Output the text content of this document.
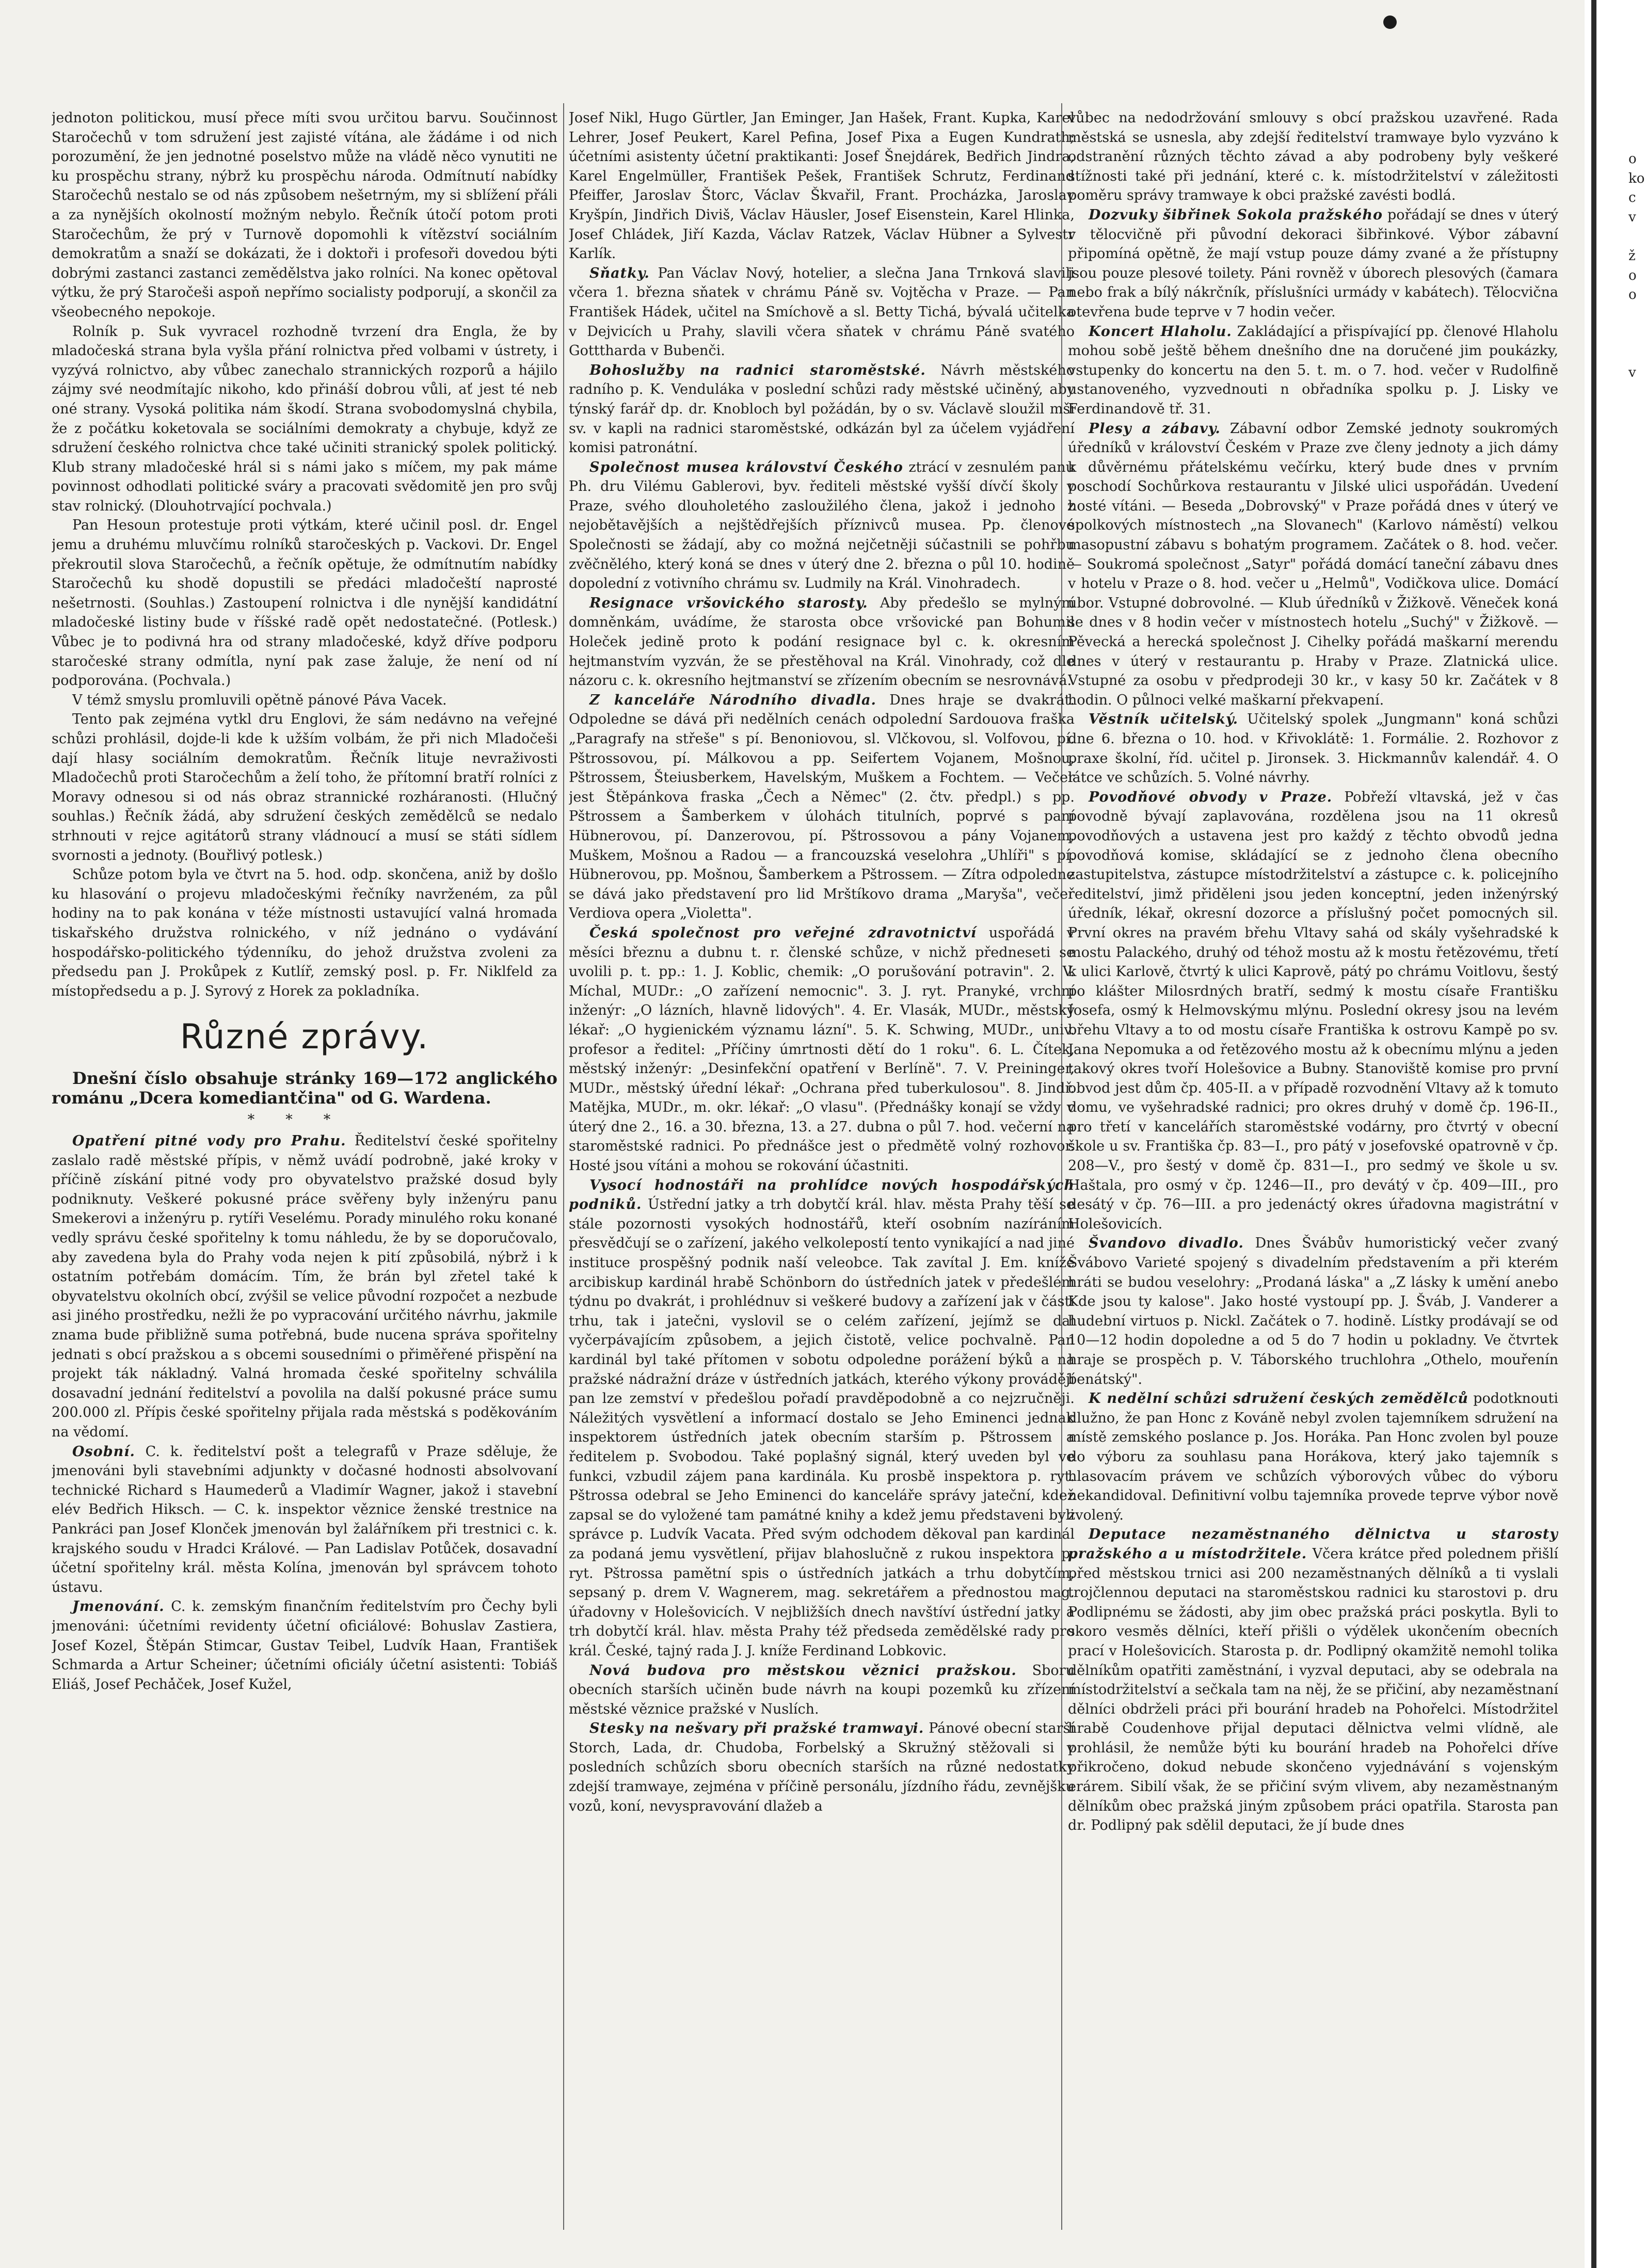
jednoton politickou, musí přece míti svou určitou barvu. Součinnost Staročechů v tom sdružení jest zajisté vítána, ale žádáme i od nich porozumění, že jen jednotné poselstvo může na vládě něco vynutiti ne ku prospěchu strany, nýbrž ku prospěchu národa. Odmítnutí nabídky Staročechů nestalo se od nás způsobem nešetrným, my si sblížení přáli a za nynějších okolností možným nebylo. Řečník útočí potom proti Staročechům, že prý v Turnově dopomohli k vítězství sociálním demokratům a snaží se dokázati, že i doktoři i profesoři dovedou býti dobrými zastanci zastanci zemědělstva jako rolníci. Na konec opětoval výtku, že prý Staročeši aspoň nepřímo socialisty podporují, a skončil za všeobecného nepokoje.

Rolník p. Suk vyvracel rozhodně tvrzení dra Engla, že by mladočeská strana byla vyšla přání rolnictva před volbami v ústrety, i vyzývá rolnictvo, aby vůbec zanechalo strannických rozporů a hájilo zájmy své neodmítajíc nikoho, kdo přináší dobrou vůli, ať jest té neb oné strany. Vysoká politika nám škodí. Strana svobodomyslná chybila, že z počátku koketovala se sociálními demokraty a chybuje, když ze sdružení českého rolnictva chce také učiniti stranický spolek politický. Klub strany mladočeské hrál si s námi jako s míčem, my pak máme povinnost odhodlati politické sváry a pracovati svědomitě jen pro svůj stav rolnický. (Dlouhotrvající pochvala.)

Pan Hesoun protestuje proti výtkám, které učinil posl. dr. Engel jemu a druhému mluvčímu rolníků staročeských p. Vackovi. Dr. Engel překroutil slova Staročechů, a řečník opětuje, že odmítnutím nabídky Staročechů ku shodě dopustili se předáci mladočeští naprosté nešetrnosti. (Souhlas.) Zastoupení rolnictva i dle nynější kandidátní mladočeské listiny bude v říšské radě opět nedostatečné. (Potlesk.) Vůbec je to podivná hra od strany mladočeské, když dříve podporu staročeské strany odmítla, nyní pak zase žaluje, že není od ní podporována. (Pochvala.)

V témž smyslu promluvili opětně pánové Páva Vacek.

Tento pak zejména vytkl dru Englovi, že sám nedávno na veřejné schůzi prohlásil, dojde-li kde k užším volbám, že při nich Mladočeši dají hlasy sociálním demokratům. Řečník lituje nevraživosti Mladočechů proti Staročechům a želí toho, že přítomní bratří rolníci z Moravy odnesou si od nás obraz strannické rozháranosti. (Hlučný souhlas.) Řečník žádá, aby sdružení českých zemědělců se nedalo strhnouti v rejce agitátorů strany vládnoucí a musí se státi sídlem svornosti a jednoty. (Bouřlivý potlesk.)

Schůze potom byla ve čtvrt na 5. hod. odp. skončena, aniž by došlo ku hlasování o projevu mladočeskými řečníky navrženém, za půl hodiny na to pak konána v téže místnosti ustavující valná hromada tiskařského družstva rolnického, v níž jednáno o vydávání hospodářsko-politického týdenníku, do jehož družstva zvoleni za předsedu pan J. Prokůpek z Kutlíř, zemský posl. p. Fr. Niklfeld za místopředsedu a p. J. Syrový z Horek za pokladníka.

Různé zprávy.

Dnešní číslo obsahuje stránky 169—172 anglického románu „Dcera komediantčina" od G. Wardena.

***

Opatření pitné vody pro Prahu. Ředitelství české spořitelny zaslalo radě městské přípis, v němž uvádí podrobně, jaké kroky v příčině získání pitné vody pro obyvatelstvo pražské dosud byly podniknuty. Veškeré pokusné práce svěřeny byly inženýru panu Smekerovi a inženýru p. rytíři Veselému. Porady minulého roku konané vedly správu české spořitelny k tomu náhledu, že by se doporučovalo, aby zavedena byla do Prahy voda nejen k pití způsobilá, nýbrž i k ostatním potřebám domácím. Tím, že brán byl zřetel také k obyvatelstvu okolních obcí, zvýšil se velice původní rozpočet a nezbude asi jiného prostředku, nežli že po vypracování určitého návrhu, jakmile znama bude přibližně suma potřebná, bude nucena správa spořitelny jednati s obcí pražskou a s obcemi sousedními o přiměřené přispění na projekt ták nákladný. Valná hromada české spořitelny schválila dosavadní jednání ředitelství a povolila na další pokusné práce sumu 200.000 zl. Přípis české spořitelny přijala rada městská s poděkováním na vědomí.

Osobní. C. k. ředitelství pošt a telegrafů v Praze sděluje, že jmenováni byli stavebními adjunkty v dočasné hodnosti absolvovaní technické Richard s Haumederů a Vladimír Wagner, jakož i stavební elév Bedřich Hiksch. — C. k. inspektor věznice ženské trestnice na Pankráci pan Josef Klonček jmenován byl žalářníkem při trestnici c. k. krajského soudu v Hradci Králové. — Pan Ladislav Potůček, dosavadní účetní spořitelny král. města Kolína, jmenován byl správcem tohoto ústavu.

Jmenování. C. k. zemským finančním ředitelstvím pro Čechy byli jmenováni: účetními revidenty účetní oficiálové: Bohuslav Zastiera, Josef Kozel, Štěpán Stimcar, Gustav Teibel, Ludvík Haan, František Schmarda a Artur Scheiner; účetními oficiály účetní asistenti: Tobiáš Eliáš, Josef Pechá̀ček, Josef Kužel,

Josef Nikl, Hugo Gürtler, Jan Eminger, Jan Hašek, Frant. Kupka, Karel Lehrer, Josef Peukert, Karel Pefina, Josef Pixa a Eugen Kundrath; účetními asistenty účetní praktikanti: Josef Šnejdárek, Bedřich Jindra, Karel Engelmüller, František Pešek, František Schrutz, Ferdinand Pfeiffer, Jaroslav Štorc, Václav Škvařil, Frant. Procházka, Jaroslav Kryšpín, Jindřich Diviš, Václav Häusler, Josef Eisenstein, Karel Hlinka, Josef Chládek, Jiří Kazda, Václav Ratzek, Václav Hübner a Sylvestr Karlík.

Sňatky. Pan Václav Nový, hotelier, a slečna Jana Trnková slavili včera 1. března sňatek v chrámu Páně sv. Vojtěcha v Praze. — Pan František Hádek, učitel na Smíchově a sl. Betty Tichá, bývalá učitelka v Dejvicích u Prahy, slavili včera sňatek v chrámu Páně svatého Gotttharda v Bubenči.

Bohoslužby na radnici staroměstské. Návrh městského radního p. K. Venduláka v poslední schůzi rady městské učiněný, aby týnský farář dp. dr. Knobloch byl požádán, by o sv. Václavě sloužil mši sv. v kapli na radnici staroměstské, odkázán byl za účelem vyjádření komisi patronátní.

Společnost musea království Českého ztrácí v zesnulém panu Ph. dru Vilému Gablerovi, byv. řediteli městské vyšší dívčí školy v Praze, svého dlouholetého zasloužilého člena, jakož i jednoho z nejobětavějších a nejštědřejších příznivců musea. Pp. členové Společnosti se žádají, aby co možná nejčetněji súčastnili se pohřbu zvěčnělého, který koná se dnes v úterý dne 2. března o půl 10. hodině dopolední z votivního chrámu sv. Ludmily na Král. Vinohradech.

Resignace vršovického starosty. Aby předešlo se mylným domněnkám, uvádíme, že starosta obce vršovické pan Bohumil Holeček jedině proto k podání resignace byl c. k. okresním hejtmanstvím vyzván, že se přestěhoval na Král. Vinohrady, což dle názoru c. k. okresního hejtmanství se zřízením obecním se nesrovnává.

Z kanceláře Národního divadla. Dnes hraje se dvakrát. Odpoledne se dává při nedělních cenách odpolední Sardouova fraška „Paragrafy na střeše" s pí. Benoniovou, sl. Vlčkovou, sl. Volfovou, pí. Pštrossovou, pí. Málkovou a pp. Seifertem Vojanem, Mošnou, Pštrossem, Šteiusberkem, Havelským, Muškem a Fochtem. — Večer jest Štěpánkova fraska „Čech a Němec" (2. čtv. předpl.) s pp. Pštrossem a Šamberkem v úlohách titulních, poprvé s paní Hübnerovou, pí. Danzerovou, pí. Pštrossovou a pány Vojanem, Muškem, Mošnou a Radou — a francouzská veselohra „Uhlíři" s pí. Hübnerovou, pp. Mošnou, Šamberkem a Pštrossem. — Zítra odpoledne se dává jako představení pro lid Mrštíkovo drama „Maryša", večer Verdiova opera „Violetta".

Česká společnost pro veřejné zdravotnictví uspořádá v měsíci březnu a dubnu t. r. členské schůze, v nichž předneseti se uvolili p. t. pp.: 1. J. Koblic, chemik: „O porušování potravin". 2. V. Míchal, MUDr.: „O zařízení nemocnic". 3. J. ryt. Pranyké, vrchní inženýr: „O lázních, hlavně lidových". 4. Er. Vlasák, MUDr., městský lékař: „O hygienickém významu lázní". 5. K. Schwing, MUDr., univ. profesor a ředitel: „Příčiny úmrtnosti dětí do 1 roku". 6. L. Čítek, městský inženýr: „Desinfekční opatření v Berlíně". 7. V. Preininger, MUDr., městský úřední lékař: „Ochrana před tuberkulosou". 8. Jindř. Matějka, MUDr., m. okr. lékař: „O vlasu". (Přednášky konají se vždy v úterý dne 2., 16. a 30. března, 13. a 27. dubna o půl 7. hod. večerní na staroměstské radnici. Po přednášce jest o předmětě volný rozhovor. Hosté jsou vítáni a mohou se rokování účastniti.

Vysocí hodnostáři na prohlídce nových hospodářských podniků. Ústřední jatky a trh dobytčí král. hlav. města Prahy těší se stále pozornosti vysokých hodnostářů, kteří osobním nazíráním přesvědčují se o zařízení, jakého velkolepostí tento vynikající a nad jiné instituce prospěšný podnik naší veleobce. Tak zavítal J. Em. kníže arcibiskup kardinál hrabě Schönborn do ústředních jatek v předešlém týdnu po dvakrát, i prohlédnuv si veškeré budovy a zařízení jak v části trhu, tak i jatečni, vyslovil se o celém zařízení, jejímž se dal vyčerpávajícím způsobem, a jejich čistotě, velice pochvalně. Pan kardinál byl také přítomen v sobotu odpoledne porážení býků a na pražské nádražní dráze v ústředních jatkách, kterého výkony provádějí pan lze zemství v předešlou pořadí pravděpodobně a co nejzručněji. Náležitých vysvětlení a informací dostalo se Jeho Eminenci jednak inspektorem ústředních jatek obecním starším p. Pštrossem a ředitelem p. Svobodou. Také poplašný signál, který uveden byl ve funkci, vzbudil zájem pana kardinála. Ku prosbě inspektora p. ryt. Pštrossa odebral se Jeho Eminenci do kanceláře správy jateční, kdež zapsal se do vyložené tam památné knihy a kdež jemu představeni byli správce p. Ludvík Vacata. Před svým odchodem děkoval pan kardinál za podaná jemu vysvětlení, přijav blahoslučně z rukou inspektora p. ryt. Pštrossa pamětní spis o ústředních jatkách a trhu dobytčím, sepsaný p. drem V. Wagnerem, mag. sekretářem a přednostou mag. úřadovny v Holešovicích. V nejbližších dnech navštíví ústřední jatky a trh dobytčí král. hlav. města Prahy též předseda zemědělské rady pro král. České, tajný rada J. J. kníže Ferdinand Lobkovic.

Nová budova pro městskou věznici pražskou. Sboru obecních starších učiněn bude návrh na koupi pozemků ku zřízení městské věznice pražské v Nuslích.

Stesky na nešvary při pražské tramwayi. Pánové obecní starší Storch, Lada, dr. Chudoba, Forbelský a Skružný stěžovali si v posledních schůzích sboru obecních starších na různé nedostatky zdejší tramwaye, zejména v příčině personálu, jízdního řádu, zevnějšku vozů, koní, nevyspravování dlažeb a

vůbec na nedodržování smlouvy s obcí pražskou uzavřené. Rada městská se usnesla, aby zdejší ředitelství tramwaye bylo vyzváno k odstranění různých těchto závad a aby podrobeny byly veškeré stížnosti také při jednání, které c. k. místodržitelství v záležitosti poměru správy tramwaye k obci pražské zavésti bodlá.

Dozvuky šibřinek Sokola pražského pořádají se dnes v úterý v tělocvičně při původní dekoraci šibřinkové. Výbor zábavní připomíná opětně, že mají vstup pouze dámy zvané a že přístupny jsou pouze plesové toilety. Páni rovněž v úborech plesových (čamara nebo frak a bílý nákrčník, příslušníci urmády v kabátech). Tělocvična otevřena bude teprve v 7 hodin večer.

Koncert Hlaholu. Zakládající a přispívající pp. členové Hlaholu mohou sobě ještě během dnešního dne na doručené jim poukázky, vstupenky do koncertu na den 5. t. m. o 7. hod. večer v Rudolfině ustanoveného, vyzvednouti n obřadníka spolku p. J. Lisky ve Ferdinandově tř. 31.

Plesy a zábavy. Zábavní odbor Zemské jednoty soukromých úředníků v království Českém v Praze zve členy jednoty a jich dámy k důvěrnému přátelskému večírku, který bude dnes v prvním poschodí Sochůrkova restaurantu v Jilské ulici uspořádán. Uvedení hosté vítáni. — Beseda „Dobrovský" v Praze pořádá dnes v úterý ve spolkových místnostech „na Slovanech" (Karlovo náměstí) velkou masopustní zábavu s bohatým programem. Začátek o 8. hod. večer. — Soukromá společnost „Satyr" pořádá domácí taneční zábavu dnes v hotelu v Praze o 8. hod. večer u „Helmů", Vodičkova ulice. Domácí úbor. Vstupné dobrovolné. — Klub úředníků v Žižkově. Věneček koná se dnes v 8 hodin večer v místnostech hotelu „Suchý" v Žižkově. — Pěvecká a herecká společnost J. Cihelky pořádá maškarní merendu dnes v úterý v restaurantu p. Hraby v Praze. Zlatnická ulice. Vstupné za osobu v předprodeji 30 kr., v kasy 50 kr. Začátek v 8 hodin. O půlnoci velké maškarní překvapení.

Věstník učitelský. Učitelský spolek „Jungmann" koná schůzi dne 6. března o 10. hod. v Křivoklátě: 1. Formálie. 2. Rozhovor z praxe školní, říd. učitel p. Jironsek. 3. Hickmannův kalendář. 4. O látce ve schůzích. 5. Volné návrhy.

Povodňové obvody v Praze. Pobřeží vltavská, jež v čas povodně bývají zaplavována, rozdělena jsou na 11 okresů povodňových a ustavena jest pro každý z těchto obvodů jedna povodňová komise, skládající se z jednoho člena obecního zastupitelstva, zástupce místodržitelství a zástupce c. k. policejního ředitelství, jimž přiděleni jsou jeden konceptní, jeden inženýrský úředník, lékař, okresní dozorce a příslušný počet pomocných sil. První okres na pravém břehu Vltavy sahá od skály vyšehradské k mostu Palackého, druhý od téhož mostu až k mostu řetězovému, třetí k ulici Karlově, čtvrtý k ulici Kaprově, pátý po chrámu Voitlovu, šestý po klášter Milosrdných bratří, sedmý k mostu císaře Františku Josefa, osmý k Helmovskýmu mlýnu. Poslední okresy jsou na levém břehu Vltavy a to od mostu císaře Františka k ostrovu Kampě po sv. Jana Nepomuka a od řetězového mostu až k obecnímu mlýnu a jeden takový okres tvoří Holešovice a Bubny. Stanoviště komise pro první obvod jest dům čp. 405-II. a v případě rozvodnění Vltavy až k tomuto domu, ve vyšehradské radnici; pro okres druhý v domě čp. 196-II., pro třetí v kancelářích staroměstské vodárny, pro čtvrtý v obecní škole u sv. Františka čp. 83—I., pro pátý v josefovské opatrovně v čp. 208—V., pro šestý v domě čp. 831—I., pro sedmý ve škole u sv. Haštala, pro osmý v čp. 1246—II., pro devátý v čp. 409—III., pro desátý v čp. 76—III. a pro jedenáctý okres úřadovna magistrátní v Holešovicích.

Švandovo divadlo. Dnes Švábův humoristický večer zvaný Švábovo Varieté spojený s divadelním představením a při kterém hráti se budou veselohry: „Prodaná láska" a „Z lásky k umění anebo Kde jsou ty kalose". Jako hosté vystoupí pp. J. Šváb, J. Vanderer a hudební virtuos p. Nickl. Začátek o 7. hodině. Lístky prodávají se od 10—12 hodin dopoledne a od 5 do 7 hodin u pokladny. Ve čtvrtek hraje se prospěch p. V. Táborského truchlohra „Othelo, mouřenín benátský".

K nedělní schůzi sdružení českých zemědělců podotknouti dlužno, že pan Honc z Kováně nebyl zvolen tajemníkem sdružení na místě zemského poslance p. Jos. Horáka. Pan Honc zvolen byl pouze do výboru za souhlasu pana Horákova, který jako tajemník s hlasovacím právem ve schůzích výborových vůbec do výboru nekandidoval. Definitivní volbu tajemníka provede teprve výbor nově zvolený.

Deputace nezaměstnaného dělnictva u starosty pražského a u místodržitele. Včera krátce před polednem přišlí před městskou trnici asi 200 nezaměstnaných dělníků a ti vyslali trojčlennou deputaci na staroměstskou radnici ku starostovi p. dru Podlipnému se žádosti, aby jim obec pražská práci poskytla. Byli to skoro vesměs dělníci, kteří přišli o výdělek ukončením obecních prací v Holešovicích. Starosta p. dr. Podlipný okamžitě nemohl tolika dělníkům opatřiti zaměstnání, i vyzval deputaci, aby se odebrala na místodržitelství a sečkala tam na něj, že se přičiní, aby nezaměstnaní dělníci obdrželi práci při bourání hradeb na Pohořelci. Místodržitel hrabě Coudenhove přijal deputaci dělnictva velmi vlídně, ale prohlásil, že nemůže býti ku bourání hradeb na Pohořelci dříve přikročeno, dokud nebude skončeno vyjednávání s vojenským erárem. Sibilí však, že se přičiní svým vlivem, aby nezaměstnaným dělníkům obec pražská jiným způsobem práci opatřila. Starosta pan dr. Podlipný pak sdělil deputaci, že jí bude dnes

o
ko
c
v

ž
o
o

v
